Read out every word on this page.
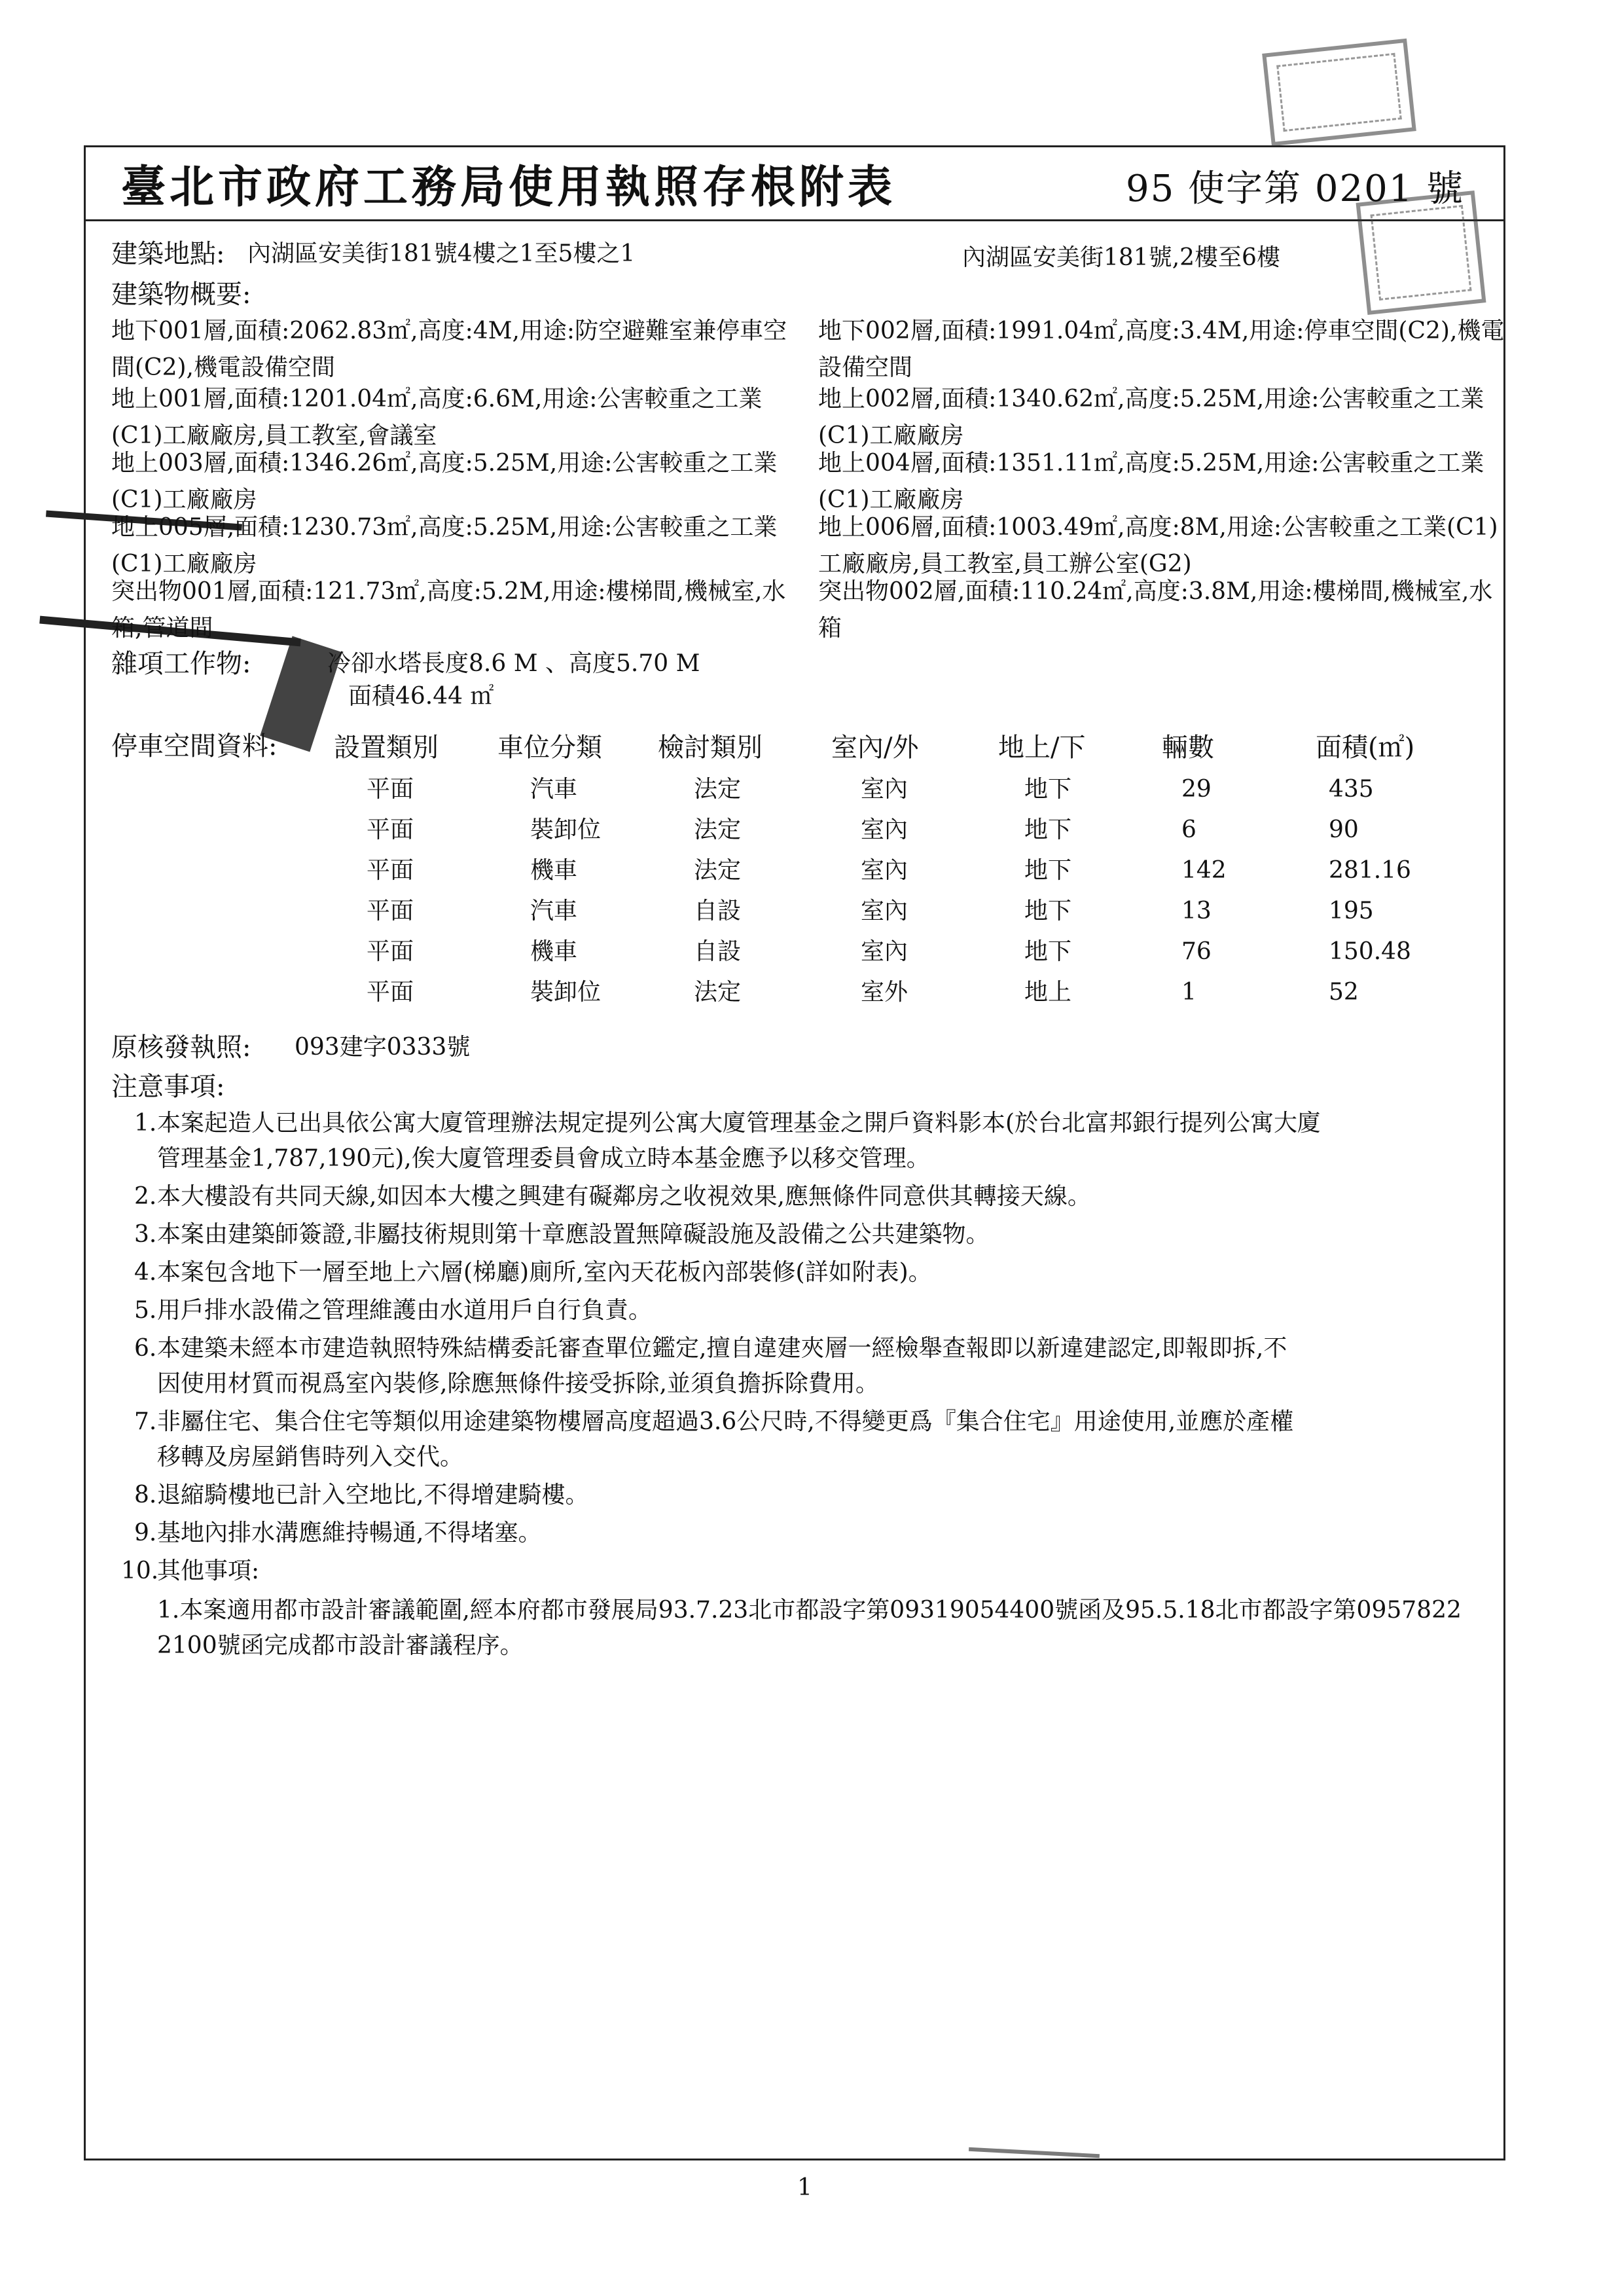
臺北市政府工務局使用執照存根附表	95 使字第 0201 號
建築地點: 內湖區安美街181號4樓之1至5樓之1	內湖區安美街181號,2樓至6樓
建築物概要:
地下001層,面積:2062.83㎡,高度:4M,用途:防空避難室兼停車空間(C2),機電設備空間
地下002層,面積:1991.04㎡,高度:3.4M,用途:停車空間(C2),機電設備空間
地上001層,面積:1201.04㎡,高度:6.6M,用途:公害較重之工業(C1)工廠廠房,員工教室,會議室
地上002層,面積:1340.62㎡,高度:5.25M,用途:公害較重之工業(C1)工廠廠房
地上003層,面積:1346.26㎡,高度:5.25M,用途:公害較重之工業(C1)工廠廠房
地上004層,面積:1351.11㎡,高度:5.25M,用途:公害較重之工業(C1)工廠廠房
地上005層,面積:1230.73㎡,高度:5.25M,用途:公害較重之工業(C1)工廠廠房
地上006層,面積:1003.49㎡,高度:8M,用途:公害較重之工業(C1)工廠廠房,員工教室,員工辦公室(G2)
突出物001層,面積:121.73㎡,高度:5.2M,用途:樓梯間,機械室,水箱,管道間
突出物002層,面積:110.24㎡,高度:3.8M,用途:樓梯間,機械室,水箱
雜項工作物:	冷卻水塔長度8.6 M 、高度5.70 M
面積46.44 ㎡
停車空間資料: 設置類別 車位分類 檢討類別	室內/外	地上/下	輛數	面積(㎡)
平面	汽車	法定	室內	地下	29	435
平面	裝卸位	法定	室內	地下	6	90
平面	機車	法定	室內	地下	142	281.16
平面	汽車	自設	室內	地下	13	195
平面	機車	自設	室內	地下	76	150.48
平面	裝卸位	法定	室外	地上	1	52
原核發執照: 093建字0333號
注意事項:
1. 本案起造人已出具依公寓大廈管理辦法規定提列公寓大廈管理基金之開戶資料影本(於台北富邦銀行提列公寓大廈
管理基金1,787,190元),俟大廈管理委員會成立時本基金應予以移交管理。
2. 本大樓設有共同天線,如因本大樓之興建有礙鄰房之收視效果,應無條件同意供其轉接天線。
3. 本案由建築師簽證,非屬技術規則第十章應設置無障礙設施及設備之公共建築物。
4. 本案包含地下一層至地上六層(梯廳)廁所,室內天花板內部裝修(詳如附表)。
5. 用戶排水設備之管理維護由水道用戶自行負責。
6. 本建築未經本市建造執照特殊結構委託審查單位鑑定,擅自違建夾層一經檢舉查報即以新違建認定,即報即拆,不
因使用材質而視爲室內裝修,除應無條件接受拆除,並須負擔拆除費用。
7. 非屬住宅、集合住宅等類似用途建築物樓層高度超過3.6公尺時,不得變更爲『集合住宅』用途使用,並應於產權
移轉及房屋銷售時列入交代。
8. 退縮騎樓地已計入空地比,不得增建騎樓。
9. 基地內排水溝應維持暢通,不得堵塞。
10.
其他事項:
1.本案適用都市設計審議範圍,經本府都市發展局93.7.23北市都設字第09319054400號函及95.5.18北市都設字第0957822
2100號函完成都市設計審議程序。
1
